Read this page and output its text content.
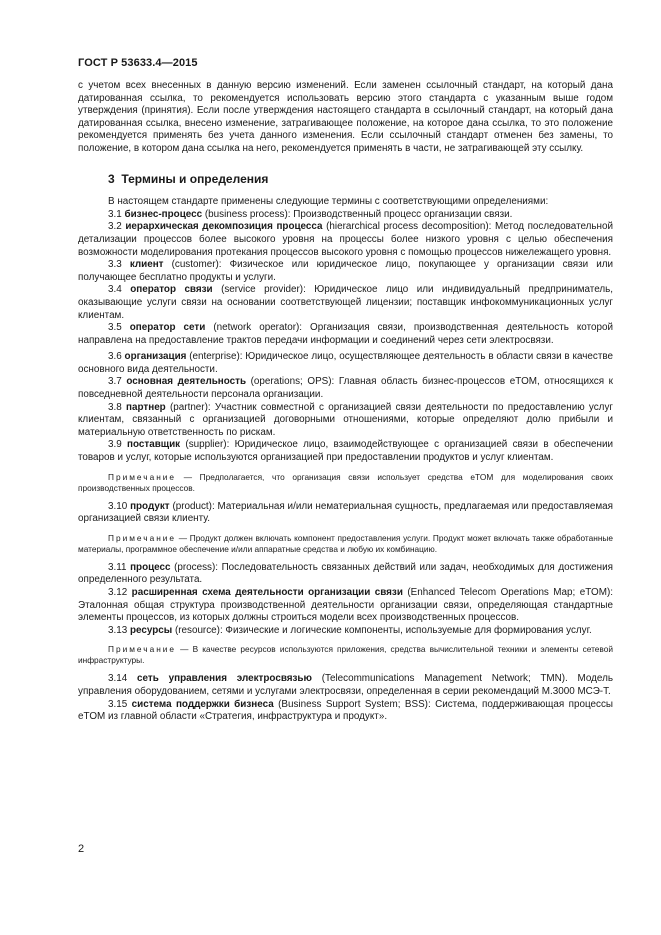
ГОСТ Р 53633.4—2015

с учетом всех внесенных в данную версию изменений. Если заменен ссылочный стандарт, на который дана датированная ссылка, то рекомендуется использовать версию этого стандарта с указанным выше годом утверждения (принятия). Если после утверждения настоящего стандарта в ссылочный стандарт, на который дана датированная ссылка, внесено изменение, затрагивающее положение, на которое дана ссылка, то это положение рекомендуется применять без учета данного изменения. Если ссылочный стандарт отменен без замены, то положение, в котором дана ссылка на него, рекомендуется применять в части, не затрагивающей эту ссылку.

3 Термины и определения

В настоящем стандарте применены следующие термины с соответствующими определениями:

3.1 бизнес-процесс (business process): Производственный процесс организации связи.

3.2 иерархическая декомпозиция процесса (hierarchical process decomposition): Метод последовательной детализации процессов более высокого уровня на процессы более низкого уровня с целью обеспечения возможности моделирования протекания процессов высокого уровня с помощью процессов нижележащего уровня.

3.3 клиент (customer): Физическое или юридическое лицо, покупающее у организации связи или получающее бесплатно продукты и услуги.

3.4 оператор связи (service provider): Юридическое лицо или индивидуальный предприниматель, оказывающие услуги связи на основании соответствующей лицензии; поставщик инфокоммуникационных услуг клиентам.

3.5 оператор сети (network operator): Организация связи, производственная деятельность которой направлена на предоставление трактов передачи информации и соединений через сети электросвязи.

3.6 организация (enterprise): Юридическое лицо, осуществляющее деятельность в области связи в качестве основного вида деятельности.

3.7 основная деятельность (operations; OPS): Главная область бизнес-процессов eTOM, относящихся к повседневной деятельности персонала организации.

3.8 партнер (partner): Участник совместной с организацией связи деятельности по предоставлению услуг клиентам, связанный с организацией договорными отношениями, которые определяют долю прибыли и материальную ответственность по рискам.

3.9 поставщик (supplier): Юридическое лицо, взаимодействующее с организацией связи в обеспечении товаров и услуг, которые используются организацией при предоставлении продуктов и услуг клиентам.

Примечание — Предполагается, что организация связи использует средства eTOM для моделирования своих производственных процессов.

3.10 продукт (product): Материальная и/или нематериальная сущность, предлагаемая или предоставляемая организацией связи клиенту.

Примечание — Продукт должен включать компонент предоставления услуги. Продукт может включать также обработанные материалы, программное обеспечение и/или аппаратные средства и любую их комбинацию.

3.11 процесс (process): Последовательность связанных действий или задач, необходимых для достижения определенного результата.

3.12 расширенная схема деятельности организации связи (Enhanced Telecom Operations Map; eTOM): Эталонная общая структура производственной деятельности организации связи, определяющая стандартные элементы процессов, из которых должны строиться модели всех производственных процессов.

3.13 ресурсы (resource): Физические и логические компоненты, используемые для формирования услуг.

Примечание — В качестве ресурсов используются приложения, средства вычислительной техники и элементы сетевой инфраструктуры.

3.14 сеть управления электросвязью (Telecommunications Management Network; TMN). Модель управления оборудованием, сетями и услугами электросвязи, определенная в серии рекомендаций М.3000 МСЭ-Т.

3.15 система поддержки бизнеса (Business Support System; BSS): Система, поддерживающая процессы eTOM из главной области «Стратегия, инфраструктура и продукт».

2
